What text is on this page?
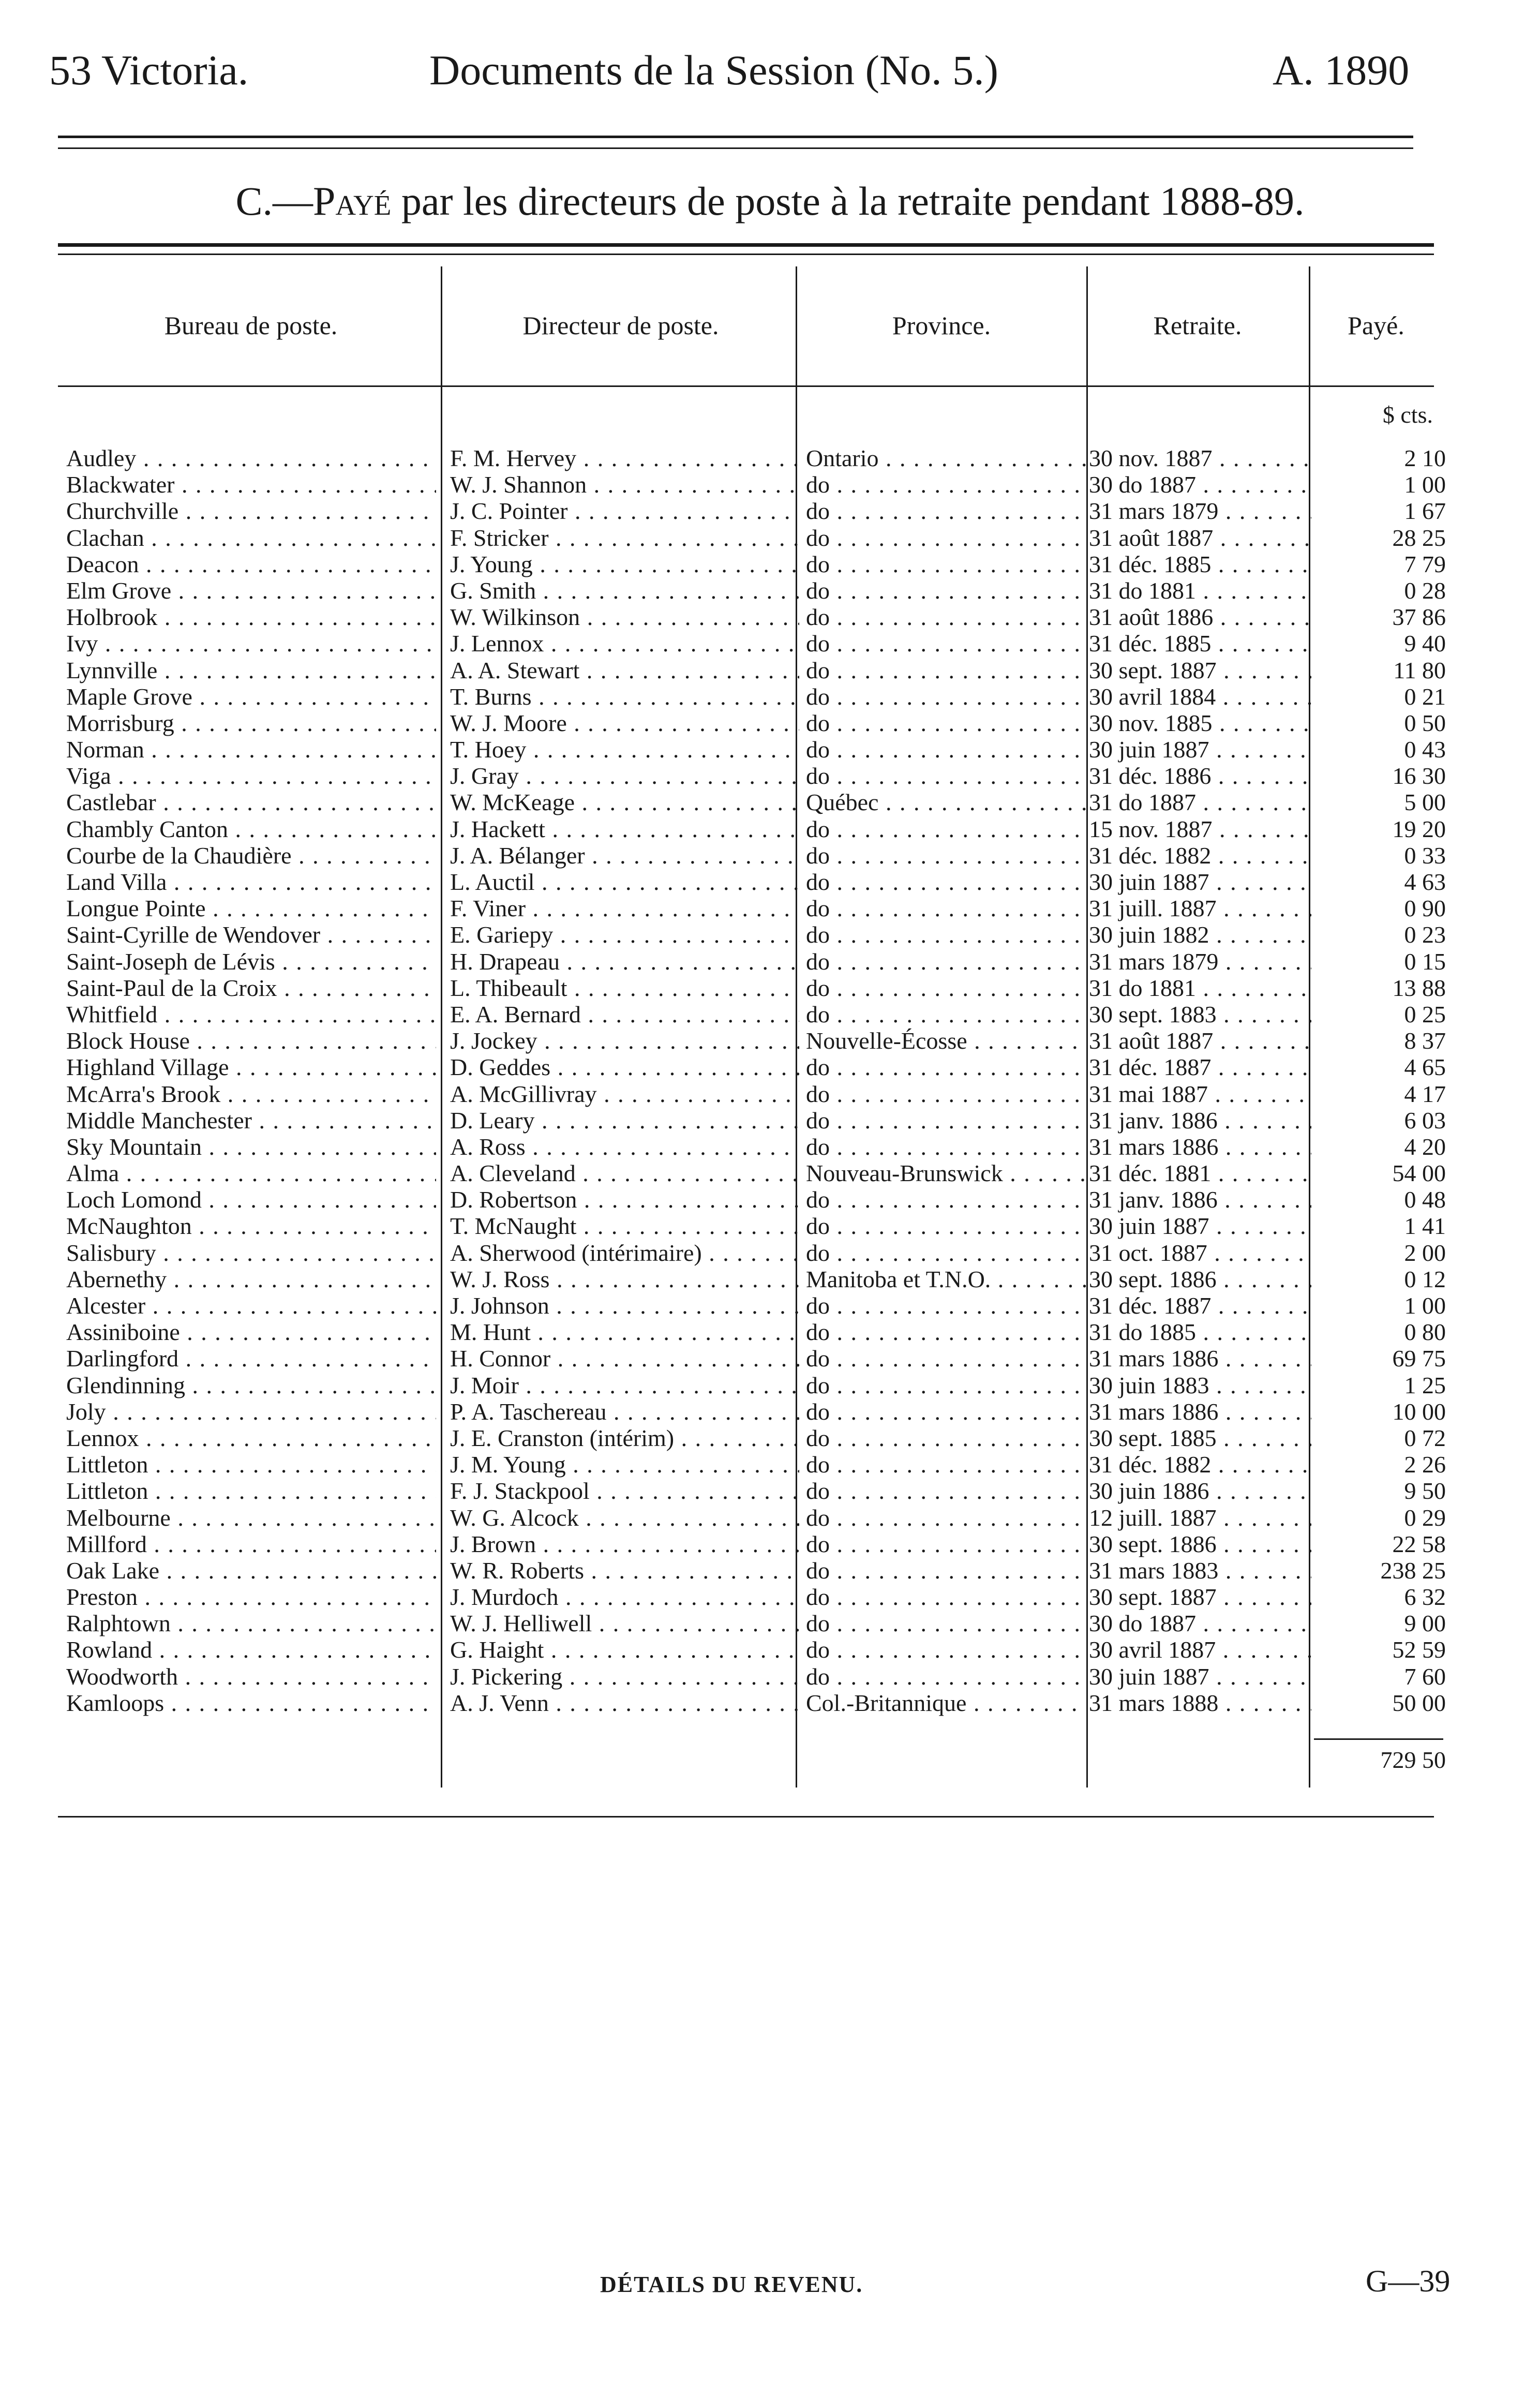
53 Victoria.	Documents de la Session (No. 5.)	A. 1890
C.—Payé par les directeurs de poste à la retraite pendant 1888-89.
Bureau de poste.	Directeur de poste.	Province.	Retraite.	Payé.
$ cts.
Audley . . .	F. M. Hervey . . .	Ontario . . .	30 nov. 1887 . . .	2 10
Blackwater . . .	W. J. Shannon . . .	do . . .	30 do 1887 . . .	1 00
Churchville . . .	J. C. Pointer . . .	do . . .	31 mars 1879 . . .	1 67
Clachan . . .	F. Stricker . . .	do . . .	31 août 1887 . . .	28 25
Deacon . . .	J. Young . . .	do . . .	31 déc. 1885 . . .	7 79
Elm Grove . . .	G. Smith . . .	do . . .	31 do 1881 . . .	0 28
Holbrook . . .	W. Wilkinson . . .	do . . .	31 août 1886 . . .	37 86
Ivy . . .	J. Lennox . . .	do . . .	31 déc. 1885 . . .	9 40
Lynnville . . .	A. A. Stewart . . .	do . . .	30 sept. 1887 . . .	11 80
Maple Grove . . .	T. Burns . . .	do . . .	30 avril 1884 . . .	0 21
Morrisburg . . .	W. J. Moore . . .	do . . .	30 nov. 1885 . . .	0 50
Norman . . .	T. Hoey . . .	do . . .	30 juin 1887 . . .	0 43
Viga . . .	J. Gray . . .	do . . .	31 déc. 1886 . . .	16 30
Castlebar . . .	W. McKeage . . .	Québec . . .	31 do 1887 . . .	5 00
Chambly Canton . . .	J. Hackett . . .	do . . .	15 nov. 1887 . . .	19 20
Courbe de la Chaudière . . .	J. A. Bélanger . . .	do . . .	31 déc. 1882 . . .	0 33
Land Villa . . .	L. Auctil . . .	do . . .	30 juin 1887 . . .	4 63
Longue Pointe . . .	F. Viner . . .	do . . .	31 juill. 1887 . . .	0 90
Saint-Cyrille de Wendover . . .	E. Gariepy . . .	do . . .	30 juin 1882 . . .	0 23
Saint-Joseph de Lévis . . .	H. Drapeau . . .	do . . .	31 mars 1879 . . .	0 15
Saint-Paul de la Croix . . .	L. Thibeault . . .	do . . .	31 do 1881 . . .	13 88
Whitfield . . .	E. A. Bernard . . .	do . . .	30 sept. 1883 . . .	0 25
Block House . . .	J. Jockey . . .	Nouvelle-Écosse . . .	31 août 1887 . . .	8 37
Highland Village . . .	D. Geddes . . .	do . . .	31 déc. 1887 . . .	4 65
McArra's Brook . . .	A. McGillivray . . .	do . . .	31 mai 1887 . . .	4 17
Middle Manchester . . .	D. Leary . . .	do . . .	31 janv. 1886 . . .	6 03
Sky Mountain . . .	A. Ross . . .	do . . .	31 mars 1886 . . .	4 20
Alma . . .	A. Cleveland . . .	Nouveau-Brunswick . . .	31 déc. 1881 . . .	54 00
Loch Lomond . . .	D. Robertson . . .	do . . .	31 janv. 1886 . . .	0 48
McNaughton . . .	T. McNaught . . .	do . . .	30 juin 1887 . . .	1 41
Salisbury . . .	A. Sherwood (intérimaire) . . .	do . . .	31 oct. 1887 . . .	2 00
Abernethy . . .	W. J. Ross . . .	Manitoba et T.N.O. . . .	30 sept. 1886 . . .	0 12
Alcester . . .	J. Johnson . . .	do . . .	31 déc. 1887 . . .	1 00
Assiniboine . . .	M. Hunt . . .	do . . .	31 do 1885 . . .	0 80
Darlingford . . .	H. Connor . . .	do . . .	31 mars 1886 . . .	69 75
Glendinning . . .	J. Moir . . .	do . . .	30 juin 1883 . . .	1 25
Joly . . .	P. A. Taschereau . . .	do . . .	31 mars 1886 . . .	10 00
Lennox . . .	J. E. Cranston (intérim) . . .	do . . .	30 sept. 1885 . . .	0 72
Littleton . . .	J. M. Young . . .	do . . .	31 déc. 1882 . . .	2 26
Littleton . . .	F. J. Stackpool . . .	do . . .	30 juin 1886 . . .	9 50
Melbourne . . .	W. G. Alcock . . .	do . . .	12 juill. 1887 . . .	0 29
Millford . . .	J. Brown . . .	do . . .	30 sept. 1886 . . .	22 58
Oak Lake . . .	W. R. Roberts . . .	do . . .	31 mars 1883 . . .	238 25
Preston . . .	J. Murdoch . . .	do . . .	30 sept. 1887 . . .	6 32
Ralphtown . . .	W. J. Helliwell . . .	do . . .	30 do 1887 . . .	9 00
Rowland . . .	G. Haight . . .	do . . .	30 avril 1887 . . .	52 59
Woodworth . . .	J. Pickering . . .	do . . .	30 juin 1887 . . .	7 60
Kamloops . . .	A. J. Venn . . .	Col.-Britannique . . .	31 mars 1888 . . .	50 00
729 50
DÉTAILS DU REVENU.	G—39
